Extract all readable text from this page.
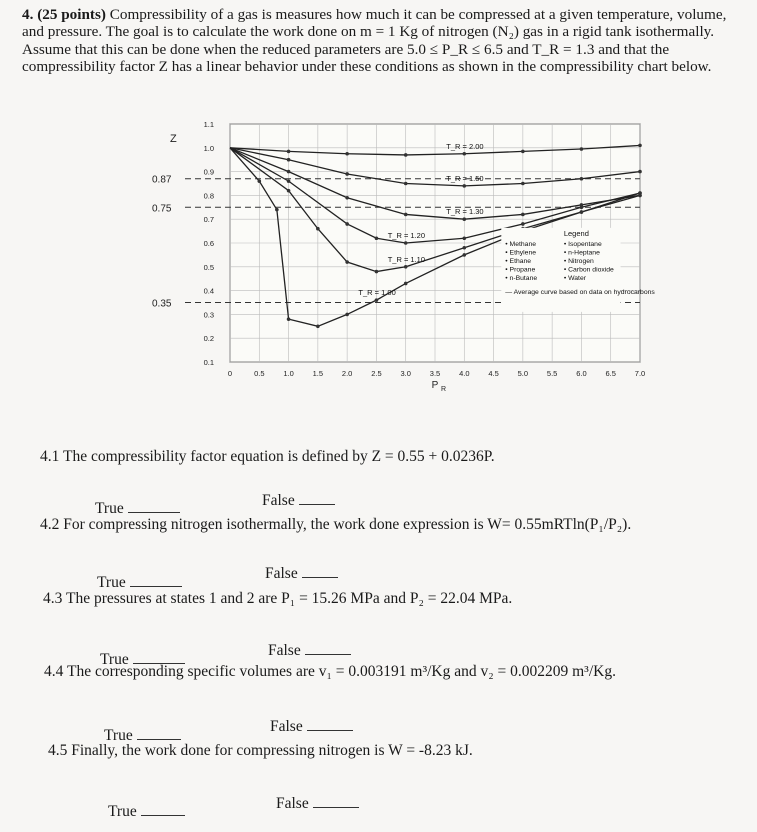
4. (25 points) Compressibility of a gas is measures how much it can be compressed at a given temperature, volume, and pressure. The goal is to calculate the work done on m = 1 Kg of nitrogen (N₂) gas in a rigid tank isothermally. Assume that this can be done when the reduced parameters are 5.0 ≤ P_R ≤ 6.5 and T_R = 1.3 and that the compressibility factor Z has a linear behavior under these conditions as shown in the compressibility chart below.
0	0.5	1.0	1.5	2.0	2.5	3.0	3.5	4.0	4.5	5.0	5.5	6.0	6.5	7.0
0.1
0.2
0.3
0.4
0.5
0.6
0.7
0.8
0.9
1.0
1.1
Z
P R
0.87
0.75
0.35
T_R = 2.00
T_R = 1.50
T_R = 1.30
T_R = 1.20
T_R = 1.10
T_R = 1.00
Legend
• Methane
• Ethylene
• Ethane
• Propane
• n-Butane
• Isopentane
• n-Heptane
• Nitrogen
• Carbon dioxide
• Water
— Average curve based on data on hydrocarbons
4.1 The compressibility factor equation is defined by Z = 0.55 + 0.0236P.
True	False
4.2 For compressing nitrogen isothermally, the work done expression is W= 0.55mRTln(P₁/P₂).
True
False
4.3 The pressures at states 1 and 2 are P₁ = 15.26 MPa and P₂ = 22.04 MPa.
True
False
4.4 The corresponding specific volumes are v₁ = 0.003191 m³/Kg and v₂ = 0.002209 m³/Kg.
True
False
4.5 Finally, the work done for compressing nitrogen is W = -8.23 kJ.
True	False
